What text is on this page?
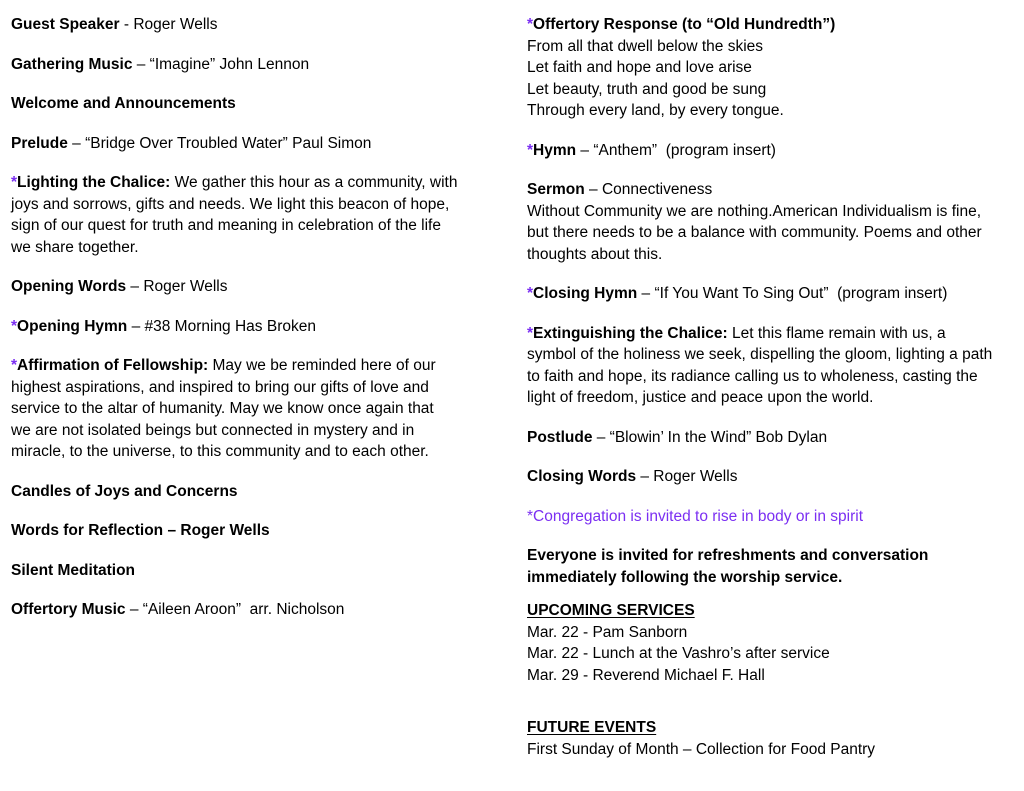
Guest Speaker - Roger Wells
Gathering Music – “Imagine” John Lennon
Welcome and Announcements
Prelude – “Bridge Over Troubled Water” Paul Simon
*Lighting the Chalice: We gather this hour as a community, with
joys and sorrows, gifts and needs. We light this beacon of hope,
sign of our quest for truth and meaning in celebration of the life
we share together.
Opening Words – Roger Wells
*Opening Hymn – #38 Morning Has Broken
*Affirmation of Fellowship: May we be reminded here of our
highest aspirations, and inspired to bring our gifts of love and
service to the altar of humanity. May we know once again that
we are not isolated beings but connected in mystery and in
miracle, to the universe, to this community and to each other.
Candles of Joys and Concerns
Words for Reflection – Roger Wells
Silent Meditation
Offertory Music – “Aileen Aroon”  arr. Nicholson
*Offertory Response (to “Old Hundredth”)
From all that dwell below the skies
Let faith and hope and love arise
Let beauty, truth and good be sung
Through every land, by every tongue.
*Hymn – “Anthem”  (program insert)
Sermon – Connectiveness
Without Community we are nothing.American Individualism is fine,
but there needs to be a balance with community. Poems and other
thoughts about this.
*Closing Hymn – “If You Want To Sing Out”  (program insert)
*Extinguishing the Chalice: Let this flame remain with us, a
symbol of the holiness we seek, dispelling the gloom, lighting a path
to faith and hope, its radiance calling us to wholeness, casting the
light of freedom, justice and peace upon the world.
Postlude – “Blowin’ In the Wind” Bob Dylan
Closing Words – Roger Wells
*Congregation is invited to rise in body or in spirit
Everyone is invited for refreshments and conversation
immediately following the worship service.
UPCOMING SERVICES
Mar. 22 - Pam Sanborn
Mar. 22 - Lunch at the Vashro’s after service
Mar. 29 - Reverend Michael F. Hall
FUTURE EVENTS
First Sunday of Month – Collection for Food Pantry
